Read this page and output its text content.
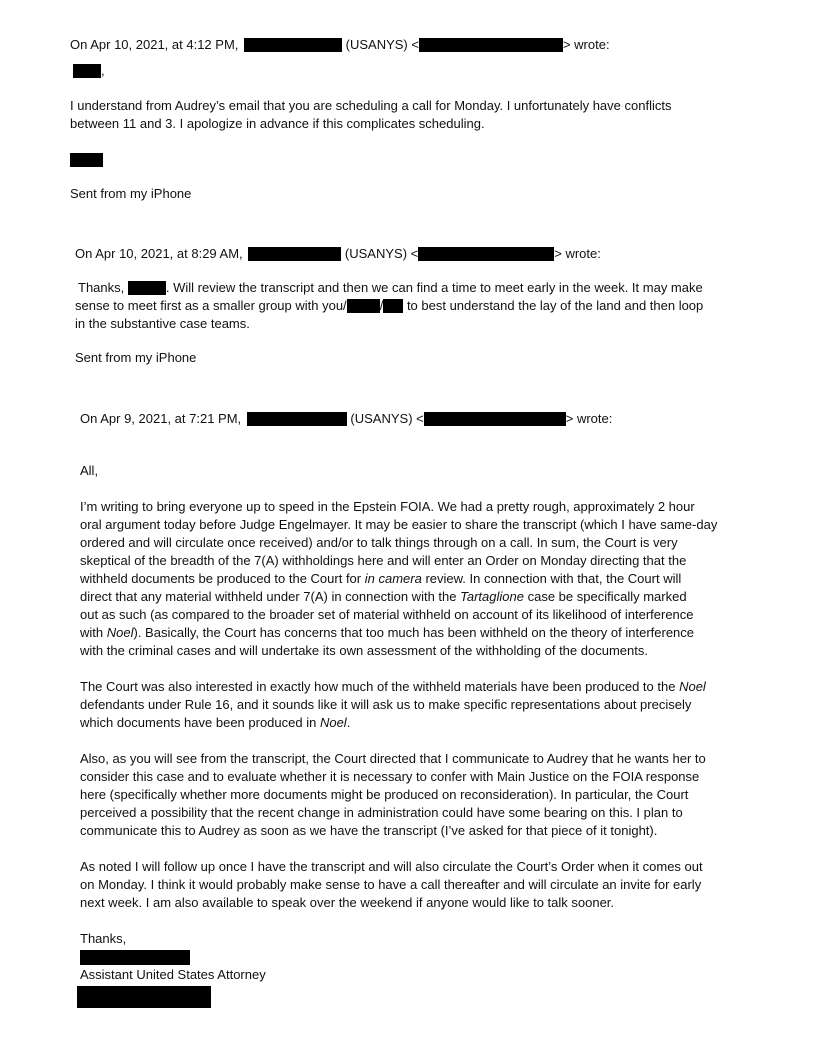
On Apr 10, 2021, at 4:12 PM,	(USANYS) <	> wrote:
,
I understand from Audrey’s email that you are scheduling a call for Monday. I unfortunately have conflicts
between 11 and 3. I apologize in advance if this complicates scheduling.
Sent from my iPhone
On Apr 10, 2021, at 8:29 AM,	(USANYS) <	> wrote:
Thanks,	. Will review the transcript and then we can find a time to meet early in the week. It may make
sense to meet first as a smaller group with you/	/ to best understand the lay of the land and then loop
in the substantive case teams.
Sent from my iPhone
On Apr 9, 2021, at 7:21 PM,	(USANYS) <	> wrote:
All,
I’m writing to bring everyone up to speed in the Epstein FOIA. We had a pretty rough, approximately 2 hour
oral argument today before Judge Engelmayer. It may be easier to share the transcript (which I have same-day
ordered and will circulate once received) and/or to talk things through on a call. In sum, the Court is very
skeptical of the breadth of the 7(A) withholdings here and will enter an Order on Monday directing that the
withheld documents be produced to the Court for in camera review. In connection with that, the Court will
direct that any material withheld under 7(A) in connection with the Tartaglione case be specifically marked
out as such (as compared to the broader set of material withheld on account of its likelihood of interference
with Noel). Basically, the Court has concerns that too much has been withheld on the theory of interference
with the criminal cases and will undertake its own assessment of the withholding of the documents.
The Court was also interested in exactly how much of the withheld materials have been produced to the Noel
defendants under Rule 16, and it sounds like it will ask us to make specific representations about precisely
which documents have been produced in Noel.
Also, as you will see from the transcript, the Court directed that I communicate to Audrey that he wants her to
consider this case and to evaluate whether it is necessary to confer with Main Justice on the FOIA response
here (specifically whether more documents might be produced on reconsideration). In particular, the Court
perceived a possibility that the recent change in administration could have some bearing on this. I plan to
communicate this to Audrey as soon as we have the transcript (I’ve asked for that piece of it tonight).
As noted I will follow up once I have the transcript and will also circulate the Court’s Order when it comes out
on Monday. I think it would probably make sense to have a call thereafter and will circulate an invite for early
next week. I am also available to speak over the weekend if anyone would like to talk sooner.
Thanks,
Assistant United States Attorney
